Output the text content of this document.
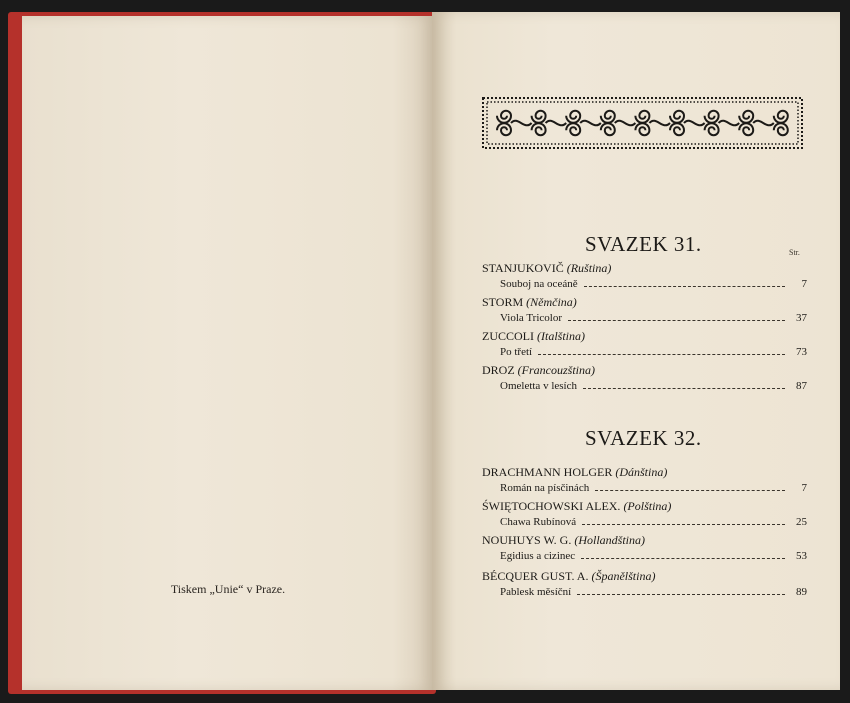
Tiskem „Unie“ v Praze.
Str.
SVAZEK 31.
STANJUKOVIČ (Ruština)
Souboj na oceáně	7
STORM (Němčina)
Viola Tricolor	37
ZUCCOLI (Italština)
Po třetí	73
DROZ (Francouzština)
Omeletta v lesích	87
SVAZEK 32.
DRACHMANN HOLGER (Dánština)
Román na písčinách	7
ŚWIĘTOCHOWSKI ALEX. (Polština)
Chawa Rubínová	25
NOUHUYS W. G. (Hollandština)
Egidius a cizinec	53
BÉCQUER GUST. A. (Španělština)
Pablesk měsíční	89
